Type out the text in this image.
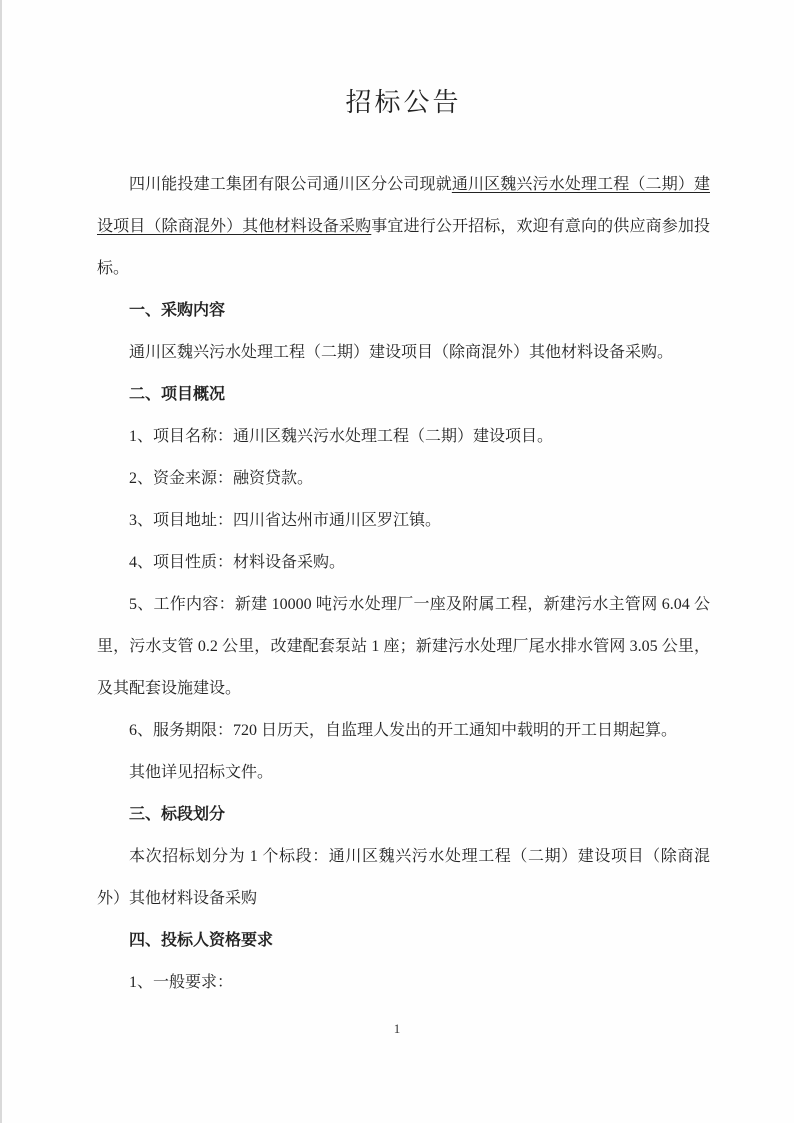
招标公告

四川能投建工集团有限公司通川区分公司现就通川区魏兴污水处理工程（二期）建设项目（除商混外）其他材料设备采购事宜进行公开招标，欢迎有意向的供应商参加投标。

一、采购内容

通川区魏兴污水处理工程（二期）建设项目（除商混外）其他材料设备采购。

二、项目概况

1、项目名称：通川区魏兴污水处理工程（二期）建设项目。

2、资金来源：融资贷款。

3、项目地址：四川省达州市通川区罗江镇。

4、项目性质：材料设备采购。

5、工作内容：新建 10000 吨污水处理厂一座及附属工程，新建污水主管网 6.04 公里，污水支管 0.2 公里，改建配套泵站 1 座；新建污水处理厂尾水排水管网 3.05 公里，及其配套设施建设。

6、服务期限：720 日历天，自监理人发出的开工通知中载明的开工日期起算。

其他详见招标文件。

三、标段划分

本次招标划分为 1 个标段：通川区魏兴污水处理工程（二期）建设项目（除商混外）其他材料设备采购

四、投标人资格要求

1、一般要求：

1
